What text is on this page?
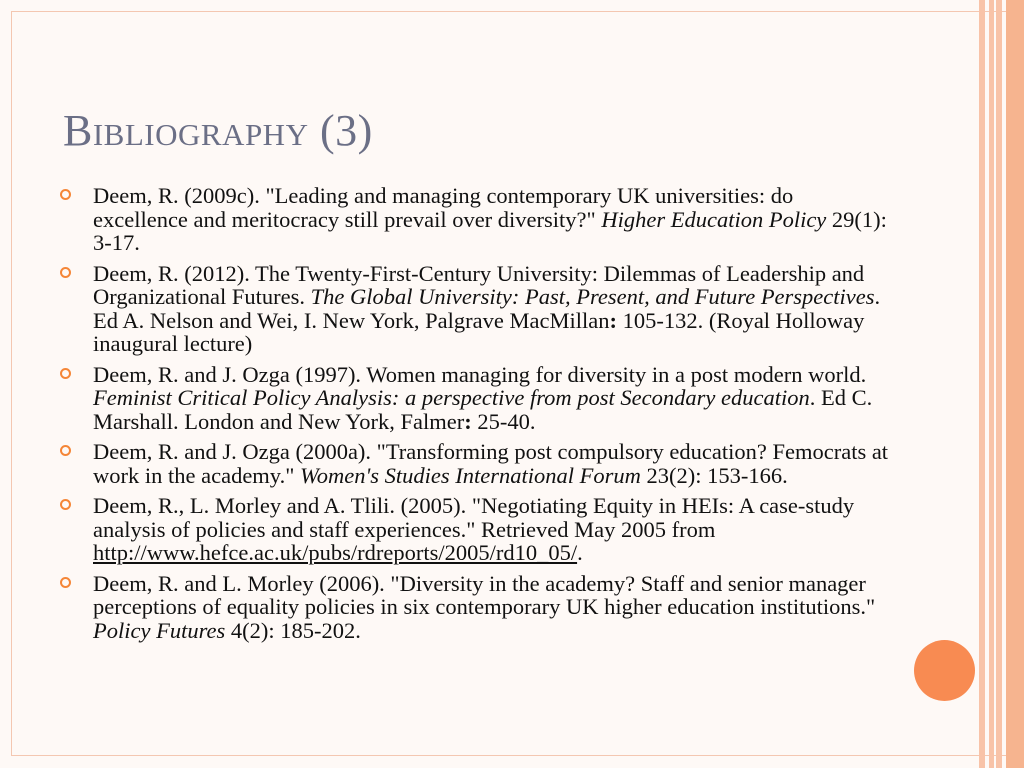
Bibliography (3)
Deem, R. (2009c). "Leading and managing contemporary UK universities: do excellence and meritocracy still prevail over diversity?" Higher Education Policy 29(1): 3-17.
Deem, R. (2012). The Twenty-First-Century University: Dilemmas of Leadership and Organizational Futures. The Global University: Past, Present, and Future Perspectives. Ed A. Nelson and Wei, I. New York, Palgrave MacMillan: 105-132. (Royal Holloway inaugural lecture)
Deem, R. and J. Ozga (1997). Women managing for diversity in a post modern world. Feminist Critical Policy Analysis: a perspective from post Secondary education. Ed C. Marshall. London and New York, Falmer: 25-40.
Deem, R. and J. Ozga (2000a). "Transforming post compulsory education? Femocrats at work in the academy." Women's Studies International Forum 23(2): 153-166.
Deem, R., L. Morley and A. Tlili. (2005). "Negotiating Equity in HEIs: A case-study analysis of policies and staff experiences." Retrieved May 2005 from http://www.hefce.ac.uk/pubs/rdreports/2005/rd10_05/.
Deem, R. and L. Morley (2006). "Diversity in the academy? Staff and senior manager perceptions of equality policies in six contemporary UK higher education institutions." Policy Futures 4(2): 185-202.
